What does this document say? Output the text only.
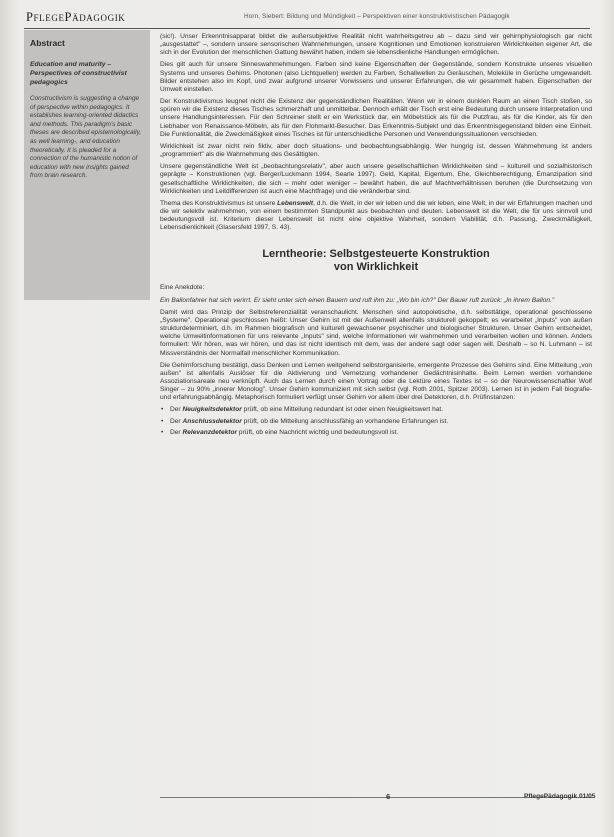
PflegePädagogik	Horn, Siebert: Bildung und Mündigkeit – Perspektiven einer konstruktivistischen Pädagogik
Abstract
Education and maturity – Perspectives of constructivist pedagogics
Constructivism is suggesting a change of perspective within pedagogics. It establishes learning-oriented didactics and methods. This paradigm's basic theses are described epistemologically, as well learning-, and education theoretically. It is pleaded for a connection of the humanistic notion of education with new insights gained from brain research.

(sic!). Unser Erkenntnisapparat bildet die außersubjektive Realität nicht wahrheitsgetreu ab – dazu sind wir gehirnphysiologisch gar nicht „ausgestattet" –, sondern unsere sensorischen Wahrnehmungen, unsere Kognitionen und Emotionen konstruieren Wirklichkeiten eigener Art, die sich in der Evolution der menschlichen Gattung bewährt haben, indem sie lebensdienliche Handlungen ermöglichen.

Dies gilt auch für unsere Sinneswahrnehmungen. Farben sind keine Eigenschaften der Gegenstände, sondern Konstrukte unseres visuellen Systems und unseres Gehirns. Photonen (also Lichtquellen) werden zu Farben, Schallwellen zu Geräuschen, Moleküle in Gerüche umgewandelt. Bilder entstehen also im Kopf, und zwar aufgrund unserer Vorwissens und unserer Erfahrungen, die wir gesammelt haben. Eigenschaften der Umwelt einstellen.

Der Konstruktivismus leugnet nicht die Existenz der gegenständlichen Realitäten. Wenn wir in einem dunklen Raum an einen Tisch stoßen, so spüren wir die Existenz dieses Tisches schmerzhaft und unmittelbar. Dennoch erhält der Tisch erst eine Bedeutung durch unsere Interpretation und unsere Handlungsinteressen. Für den Schreiner stellt er ein Werkstück dar, ein Möbelstück als für die Putzfrau, als für die Kinder, als für den Liebhaber von Renaissance-Möbeln, als für den Flohmarkt-Besucher. Das Erkenntnis-Subjekt und das Erkenntnisgegenstand bilden eine Einheit. Die Funktionalität, die Zweckmäßigkeit eines Tisches ist für unterschiedliche Personen und Verwendungssituationen verschieden.

Wirklichkeit ist zwar nicht rein fiktiv, aber doch situations- und beobachtungsabhängig. Wer hungrig ist, dessen Wahrnehmung ist anders „programmiert" als die Wahrnehmung des Gesättigten.

Unsere gegenständliche Welt ist „beobachtungsrelativ", aber auch unsere gesellschaftlichen Wirklichkeiten sind – kulturell und sozialhistorisch geprägte – Konstruktionen (vgl. Berger/Luckmann 1994, Searle 1997). Geld, Kapital, Eigentum, Ehe, Gleichberechtigung, Emanzipation sind gesellschaftliche Wirklichkeiten, die sich – mehr oder weniger – bewährt haben, die auf Machtverhältnissen beruhen (die Durchsetzung von Wirklichkeiten und Leitdifferenzen ist auch eine Machtfrage) und die veränderbar sind.

Thema des Konstruktivismus ist unsere Lebenswelt, d.h. die Welt, in der wir leben und die wir leben, eine Welt, in der wir Erfahrungen machen und die wir selektiv wahrnehmen, von einem bestimmten Standpunkt aus beobachten und deuten. Lebenswelt ist die Welt, die für uns sinnvoll und bedeutungsvoll ist. Kriterium dieser Lebenswelt ist nicht eine objektive Wahrheit, sondern Viabilität, d.h. Passung, Zweckmäßigkeit, Lebensdienlichkeit (Glasersfeld 1997, S. 43).

Lerntheorie: Selbstgesteuerte Konstruktion
von Wirklichkeit

Eine Anekdote:

Ein Ballonfahrer hat sich verirrt. Er sieht unter sich einen Bauern und ruft ihm zu: „Wo bin ich?" Der Bauer ruft zurück: „In ihrem Ballon."

Damit wird das Prinzip der Selbstreferenzialität veranschaulicht. Menschen sind autopoietische, d.h. selbsttätige, operational geschlossene „Systeme". Operational geschlossen heißt: Unser Gehirn ist mit der Außenwelt allenfalls strukturell gekoppelt; es verarbeitet „Inputs" von außen strukturdeterminiert, d.h. im Rahmen biografisch und kulturell gewachsener psychischer und biologischer Strukturen. Unser Gehirn entscheidet, welche Umweltinformationen für uns relevante „Inputs" sind, welche Informationen wir wahrnehmen und verarbeiten wollen und können. Anders formuliert: Wir hören, was wir hören, und das ist nicht identisch mit dem, was der andere sagt oder sagen will. Deshalb – so N. Luhmann – ist Missverständnis der Normalfall menschlicher Kommunikation.

Die Gehirnforschung bestätigt, dass Denken und Lernen weitgehend selbstorganisierte, emergente Prozesse des Gehirns sind. Eine Mitteilung „von außen" ist allenfalls Auslöser für die Aktivierung und Vernetzung vorhandener Gedächtnisinhalte. Beim Lernen werden vorhandene Assoziationsareale neu verknüpft. Auch das Lernen durch einen Vortrag oder die Lektüre eines Textes ist – so der Neurowissenschaftler Wolf Singer – zu 90% „innerer Monolog". Unser Gehirn kommuniziert mit sich selbst (vgl. Roth 2001, Spitzer 2003). Lernen ist in jedem Fall biografie- und erfahrungsabhängig. Metaphorisch formuliert verfügt unser Gehirn vor allem über drei Detektoren, d.h. Prüfinstanzen:

• Der Neuigkeitsdetektor prüft, ob eine Mitteilung redundant ist oder einen Neuigkeitswert hat.
• Der Anschlussdetektor prüft, ob die Mitteilung anschlussfähig an vorhandene Erfahrungen ist.
• Der Relevanzdetektor prüft, ob eine Nachricht wichtig und bedeutungsvoll ist.
6	PflegePädagogik 01/05
